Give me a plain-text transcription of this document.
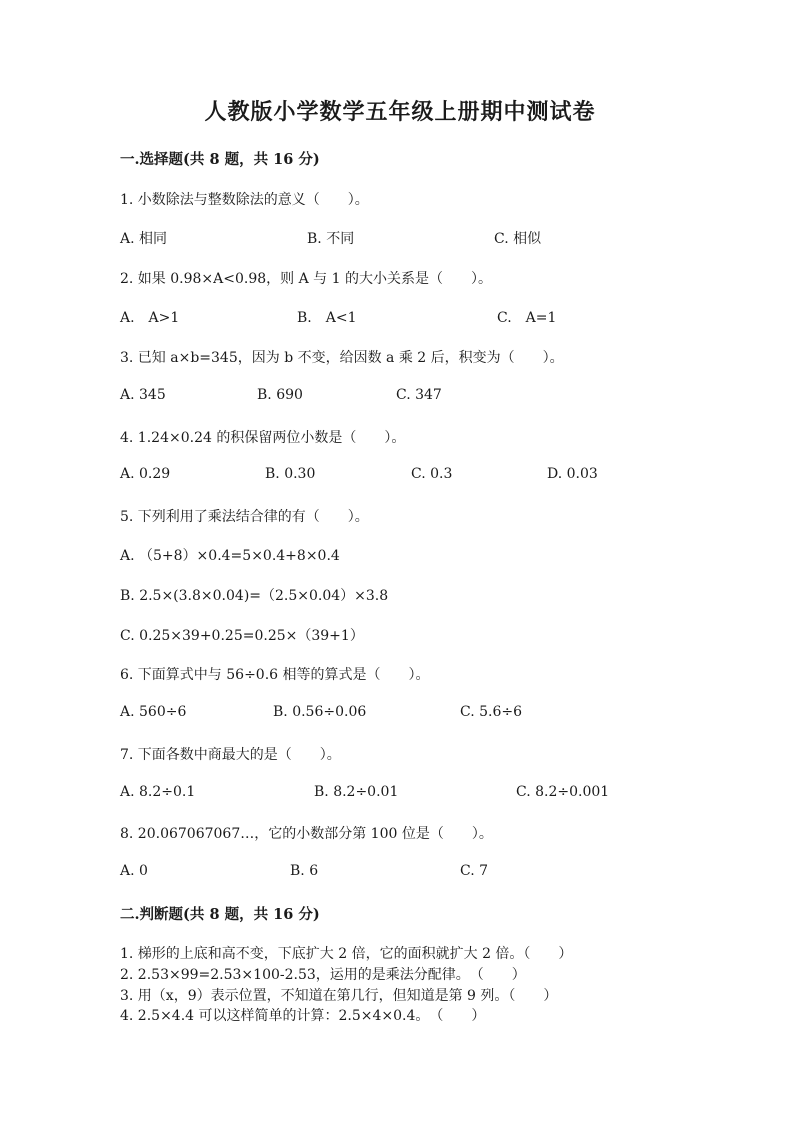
人教版小学数学五年级上册期中测试卷
一.选择题(共 8 题，共 16 分)
1. 小数除法与整数除法的意义（　　）。
A. 相同	B. 不同	C. 相似
2. 如果 0.98×A<0.98，则 A 与 1 的大小关系是（　　）。
A.　A>1	B.　A<1	C.　A=1
3. 已知 a×b=345，因为 b 不变，给因数 a 乘 2 后，积变为（　　）。
A. 345	B. 690	C. 347
4. 1.24×0.24 的积保留两位小数是（　　）。
A. 0.29	B. 0.30	C. 0.3	D. 0.03
5. 下列利用了乘法结合律的有（　　）。
A. （5+8）×0.4=5×0.4+8×0.4
B. 2.5×(3.8×0.04)=（2.5×0.04）×3.8
C. 0.25×39+0.25=0.25×（39+1）
6. 下面算式中与 56÷0.6 相等的算式是（　　）。
A. 560÷6	B. 0.56÷0.06	C. 5.6÷6
7. 下面各数中商最大的是（　　）。
A. 8.2÷0.1	B. 8.2÷0.01	C. 8.2÷0.001
8. 20.067067067…，它的小数部分第 100 位是（　　）。
A. 0	B. 6	C. 7
二.判断题(共 8 题，共 16 分)
1. 梯形的上底和高不变，下底扩大 2 倍，它的面积就扩大 2 倍。（　　）
2. 2.53×99=2.53×100-2.53，运用的是乘法分配律。　（　　）
3. 用（x，9）表示位置，不知道在第几行，但知道是第 9 列。（　　）
4. 2.5×4.4 可以这样简单的计算：2.5×4×0.4。　（　　）
